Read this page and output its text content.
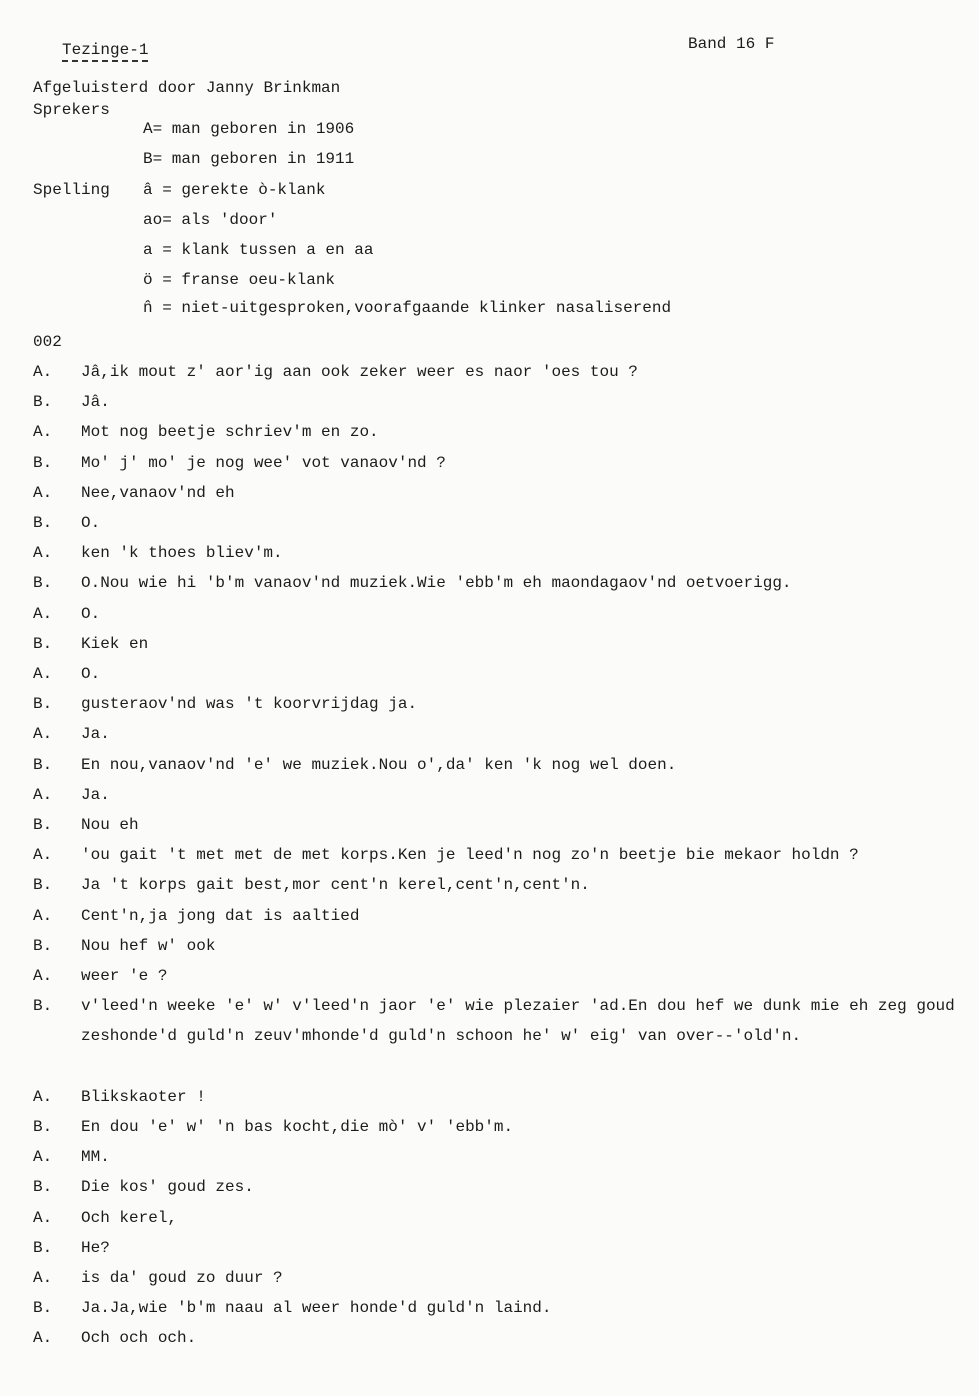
Tezinge-1	Band 16 F
Afgeluisterd door Janny Brinkman
Sprekers
A= man geboren in 1906
B= man geboren in 1911
Spelling â = gerekte ò-klank
ao= als 'door'
a = klank tussen a en aa
ö = franse oeu-klank
n̂ = niet-uitgesproken,voorafgaande klinker nasaliserend
002
A. Jâ,ik mout z' aor'ig aan ook zeker weer es naor 'oes tou ?
B. Jâ.
A. Mot nog beetje schriev'm en zo.
B. Mo' j' mo' je nog wee' vot vanaov'nd ?
A. Nee,vanaov'nd eh
B. O.
A. ken 'k thoes bliev'm.
B. O.Nou wie hi 'b'm vanaov'nd muziek.Wie 'ebb'm eh maondagaov'nd oetvoerigg.
A. O.
B. Kiek en
A. O.
B. gusteraov'nd was 't koorvrijdag ja.
A. Ja.
B. En nou,vanaov'nd 'e' we muziek.Nou o',da' ken 'k nog wel doen.
A. Ja.
B. Nou eh
A. 'ou gait 't met met de met korps.Ken je leed'n nog zo'n beetje bie mekaor holdn ?
B. Ja 't korps gait best,mor cent'n kerel,cent'n,cent'n.
A. Cent'n,ja jong dat is aaltied
B. Nou hef w' ook
A. weer 'e ?
B. v'leed'n weeke 'e' w' v'leed'n jaor 'e' wie plezaier 'ad.En dou hef we dunk mie eh zeg goud zeshonde'd guld'n zeuv'mhonde'd guld'n schoon he' w' eig' van over--'old'n.
A. Blikskaoter !
B. En dou 'e' w' 'n bas kocht,die mò' v' 'ebb'm.
A. MM.
B. Die kos' goud zes.
A. Och kerel,
B. He?
A. is da' goud zo duur ?
B. Ja.Ja,wie 'b'm naau al weer honde'd guld'n laind.
A. Och och och.
